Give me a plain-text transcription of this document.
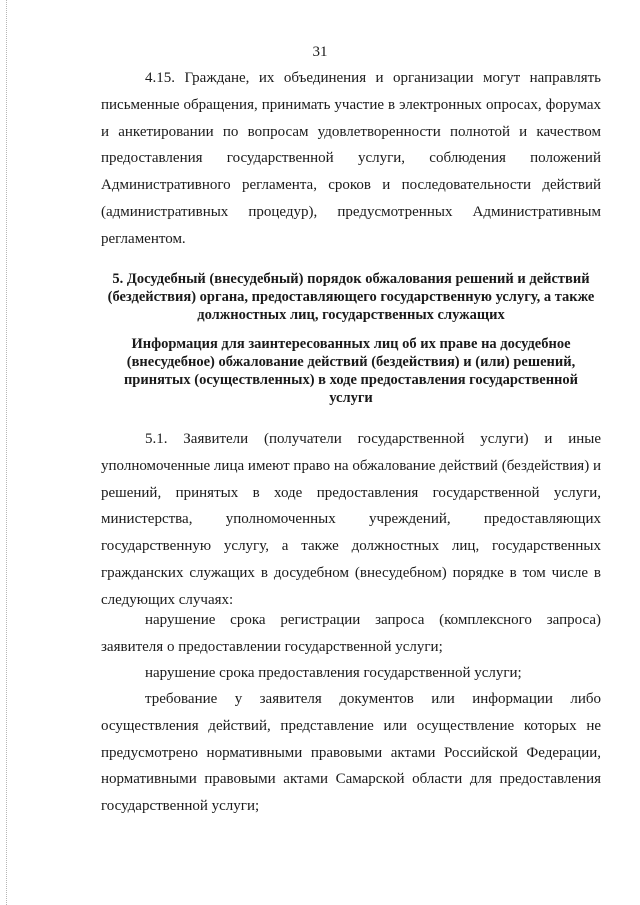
31

4.15. Граждане, их объединения и организации могут направлять письменные обращения, принимать участие в электронных опросах, форумах и анкетировании по вопросам удовлетворенности полнотой и качеством предоставления государственной услуги, соблюдения положений Административного регламента, сроков и последовательности действий (административных процедур), предусмотренных Административным регламентом.

5. Досудебный (внесудебный) порядок обжалования решений и действий (бездействия) органа, предоставляющего государственную услугу, а также должностных лиц, государственных служащих

Информация для заинтересованных лиц об их праве на досудебное (внесудебное) обжалование действий (бездействия) и (или) решений, принятых (осуществленных) в ходе предоставления государственной услуги

5.1. Заявители (получатели государственной услуги) и иные уполномоченные лица имеют право на обжалование действий (бездействия) и решений, принятых в ходе предоставления государственной услуги, министерства, уполномоченных учреждений, предоставляющих государственную услугу, а также должностных лиц, государственных гражданских служащих в досудебном (внесудебном) порядке в том числе в следующих случаях:

нарушение срока регистрации запроса (комплексного запроса) заявителя о предоставлении государственной услуги;

нарушение срока предоставления государственной услуги;

требование у заявителя документов или информации либо осуществления действий, представление или осуществление которых не предусмотрено нормативными правовыми актами Российской Федерации, нормативными правовыми актами Самарской области для предоставления государственной услуги;
